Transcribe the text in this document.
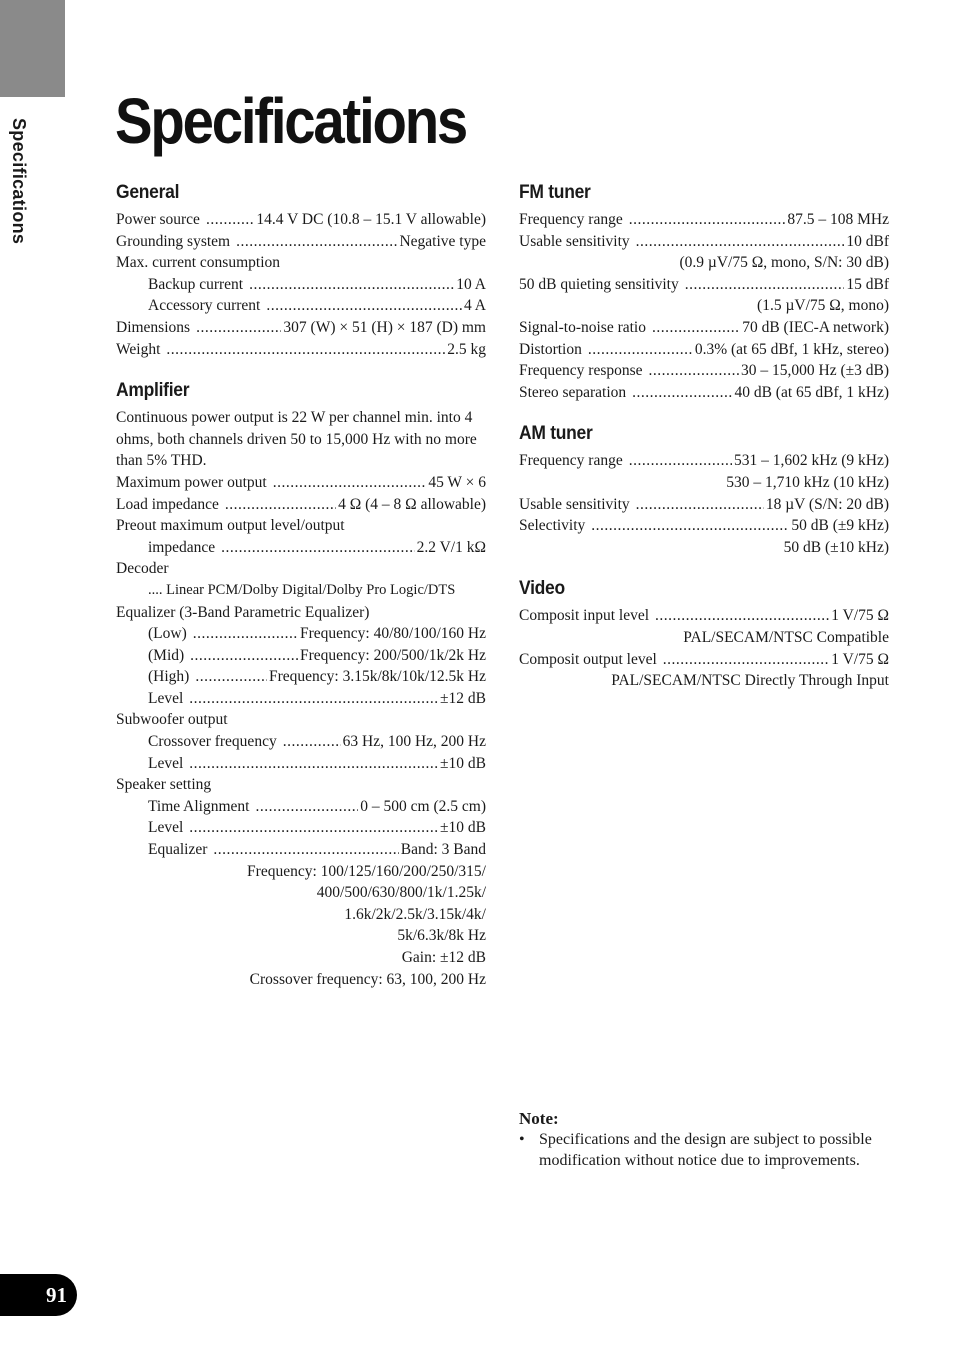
Specifications Specifications
General
Power source .....	14.4 V DC (10.8 – 15.1 V allowable)
Grounding system .....	Negative type
Max. current consumption
Backup current .....	10 A
Accessory current .....	4 A
Dimensions .....	307 (W) × 51 (H) × 187 (D) mm
Weight .....	2.5 kg
Amplifier
Continuous power output is 22 W per channel min. into 4 ohms, both channels driven 50 to 15,000 Hz with no more than 5% THD.
Maximum power output .....	45 W × 6
Load impedance .....	4 Ω (4 – 8 Ω allowable)
Preout maximum output level/output
impedance .....	2.2 V/1 kΩ
Decoder
.... Linear PCM/Dolby Digital/Dolby Pro Logic/DTS
Equalizer (3-Band Parametric Equalizer)
(Low) .....	Frequency: 40/80/100/160 Hz
(Mid) .....	Frequency: 200/500/1k/2k Hz
(High) .....	Frequency: 3.15k/8k/10k/12.5k Hz
Level .....	±12 dB
Subwoofer output
Crossover frequency .....	63 Hz, 100 Hz, 200 Hz
Level .....	±10 dB
Speaker setting
Time Alignment .....	0 – 500 cm (2.5 cm)
Level .....	±10 dB
Equalizer .....	Band: 3 Band
Frequency: 100/125/160/200/250/315/
400/500/630/800/1k/1.25k/
1.6k/2k/2.5k/3.15k/4k/
5k/6.3k/8k Hz
Gain: ±12 dB
Crossover frequency: 63, 100, 200 Hz
FM tuner
Frequency range .....	87.5 – 108 MHz
Usable sensitivity .....	10 dBf
(0.9 µV/75 Ω, mono, S/N: 30 dB)
50 dB quieting sensitivity .....	15 dBf
(1.5 µV/75 Ω, mono)
Signal-to-noise ratio .....	70 dB (IEC-A network)
Distortion .....	0.3% (at 65 dBf, 1 kHz, stereo)
Frequency response .....	30 – 15,000 Hz (±3 dB)
Stereo separation .....	40 dB (at 65 dBf, 1 kHz)
AM tuner
Frequency range .....	531 – 1,602 kHz (9 kHz)
530 – 1,710 kHz (10 kHz)
Usable sensitivity .....	18 µV (S/N: 20 dB)
Selectivity .....	50 dB (±9 kHz)
50 dB (±10 kHz)
Video
Composit input level .....	1 V/75 Ω
PAL/SECAM/NTSC Compatible
Composit output level .....	1 V/75 Ω
PAL/SECAM/NTSC Directly Through Input
Note:
• Specifications and the design are subject to possible modification without notice due to improvements.
91
